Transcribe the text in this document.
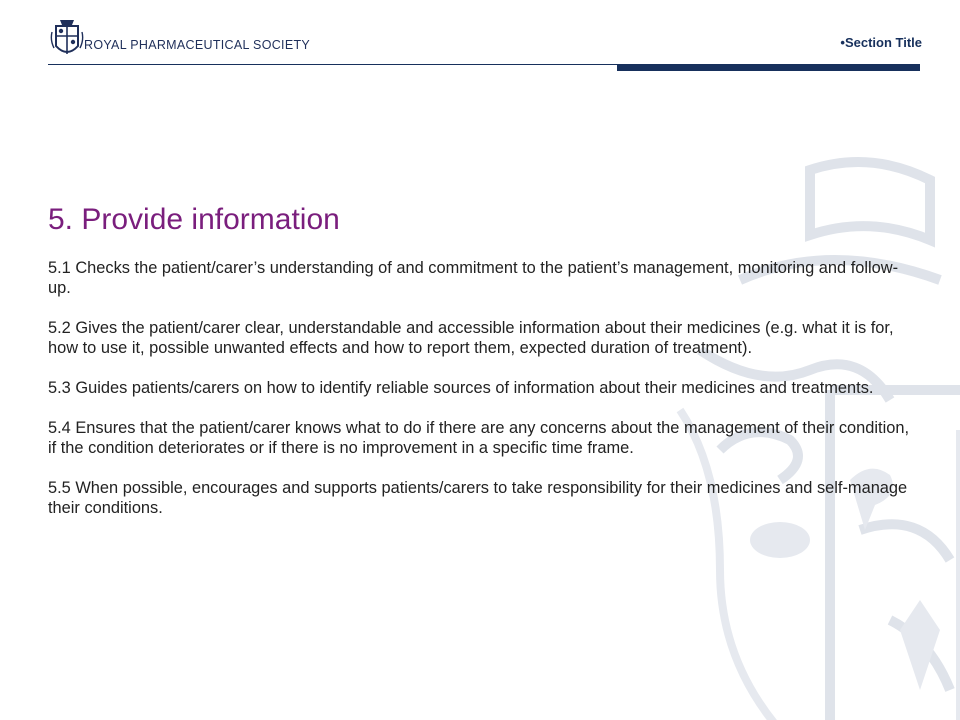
ROYAL PHARMACEUTICAL SOCIETY	•Section Title
5. Provide information

5.1 Checks the patient/carer’s understanding of and commitment to the patient’s management, monitoring and follow-up.

5.2 Gives the patient/carer clear, understandable and accessible information about their medicines (e.g. what it is for, how to use it, possible unwanted effects and how to report them, expected duration of treatment).

5.3 Guides patients/carers on how to identify reliable sources of information about their medicines and treatments.

5.4 Ensures that the patient/carer knows what to do if there are any concerns about the management of their condition, if the condition deteriorates or if there is no improvement in a specific time frame.

5.5 When possible, encourages and supports patients/carers to take responsibility for their medicines and self-manage their conditions.
